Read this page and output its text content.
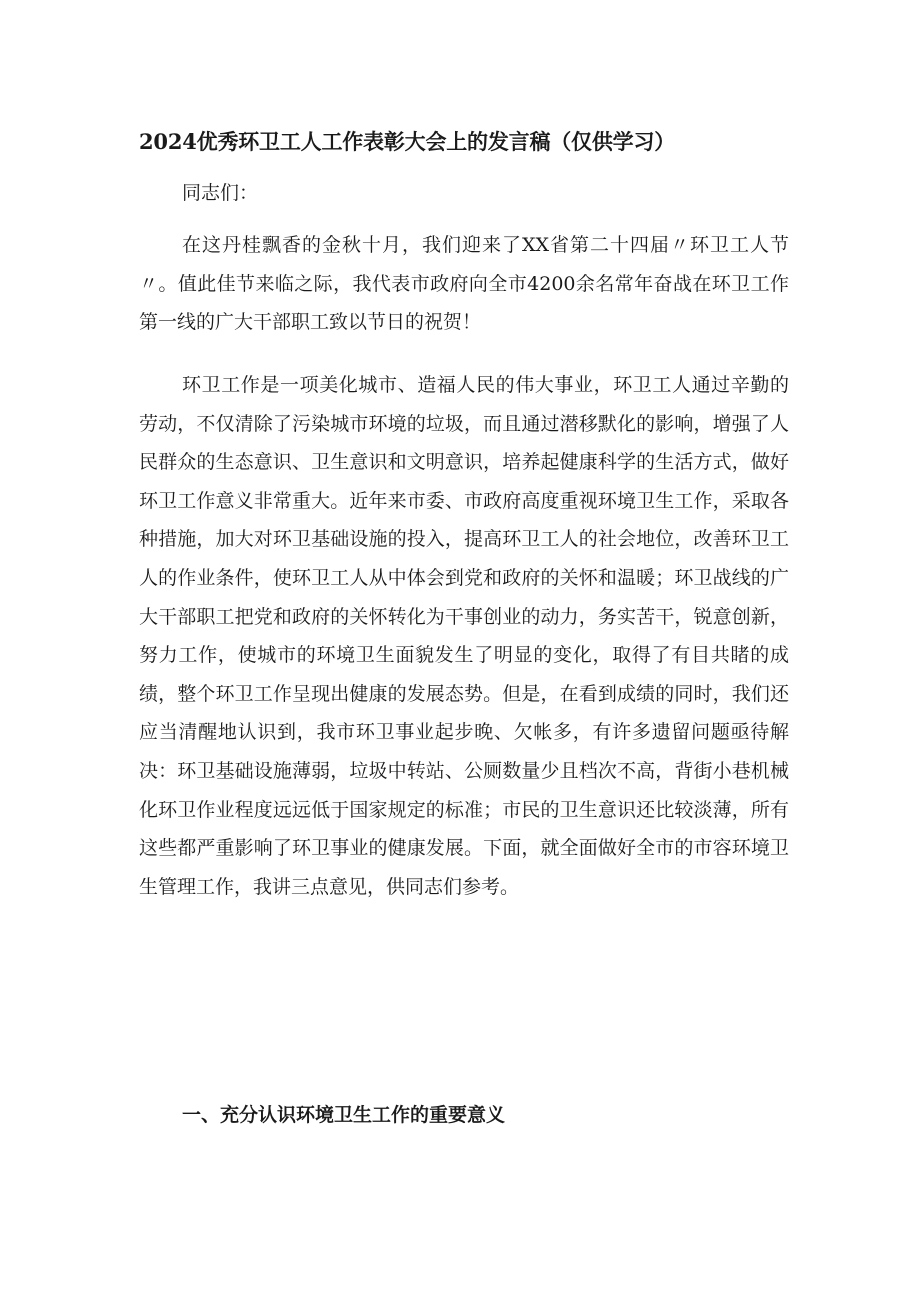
2024优秀环卫工人工作表彰大会上的发言稿（仅供学习）
同志们：

在这丹桂飘香的金秋十月，我们迎来了XX省第二十四届〃环卫工人节〃。值此佳节来临之际，我代表市政府向全市4200余名常年奋战在环卫工作第一线的广大干部职工致以节日的祝贺！

环卫工作是一项美化城市、造福人民的伟大事业，环卫工人通过辛勤的劳动，不仅清除了污染城市环境的垃圾，而且通过潜移默化的影响，增强了人民群众的生态意识、卫生意识和文明意识，培养起健康科学的生活方式，做好环卫工作意义非常重大。近年来市委、市政府高度重视环境卫生工作，采取各种措施，加大对环卫基础设施的投入，提高环卫工人的社会地位，改善环卫工人的作业条件，使环卫工人从中体会到党和政府的关怀和温暖；环卫战线的广大干部职工把党和政府的关怀转化为干事创业的动力，务实苦干，锐意创新，努力工作，使城市的环境卫生面貌发生了明显的变化，取得了有目共睹的成绩，整个环卫工作呈现出健康的发展态势。但是，在看到成绩的同时，我们还应当清醒地认识到，我市环卫事业起步晚、欠帐多，有许多遗留问题亟待解决：环卫基础设施薄弱，垃圾中转站、公厕数量少且档次不高，背街小巷机械化环卫作业程度远远低于国家规定的标准；市民的卫生意识还比较淡薄，所有这些都严重影响了环卫事业的健康发展。下面，就全面做好全市的市容环境卫生管理工作，我讲三点意见，供同志们参考。

一、充分认识环境卫生工作的重要意义
